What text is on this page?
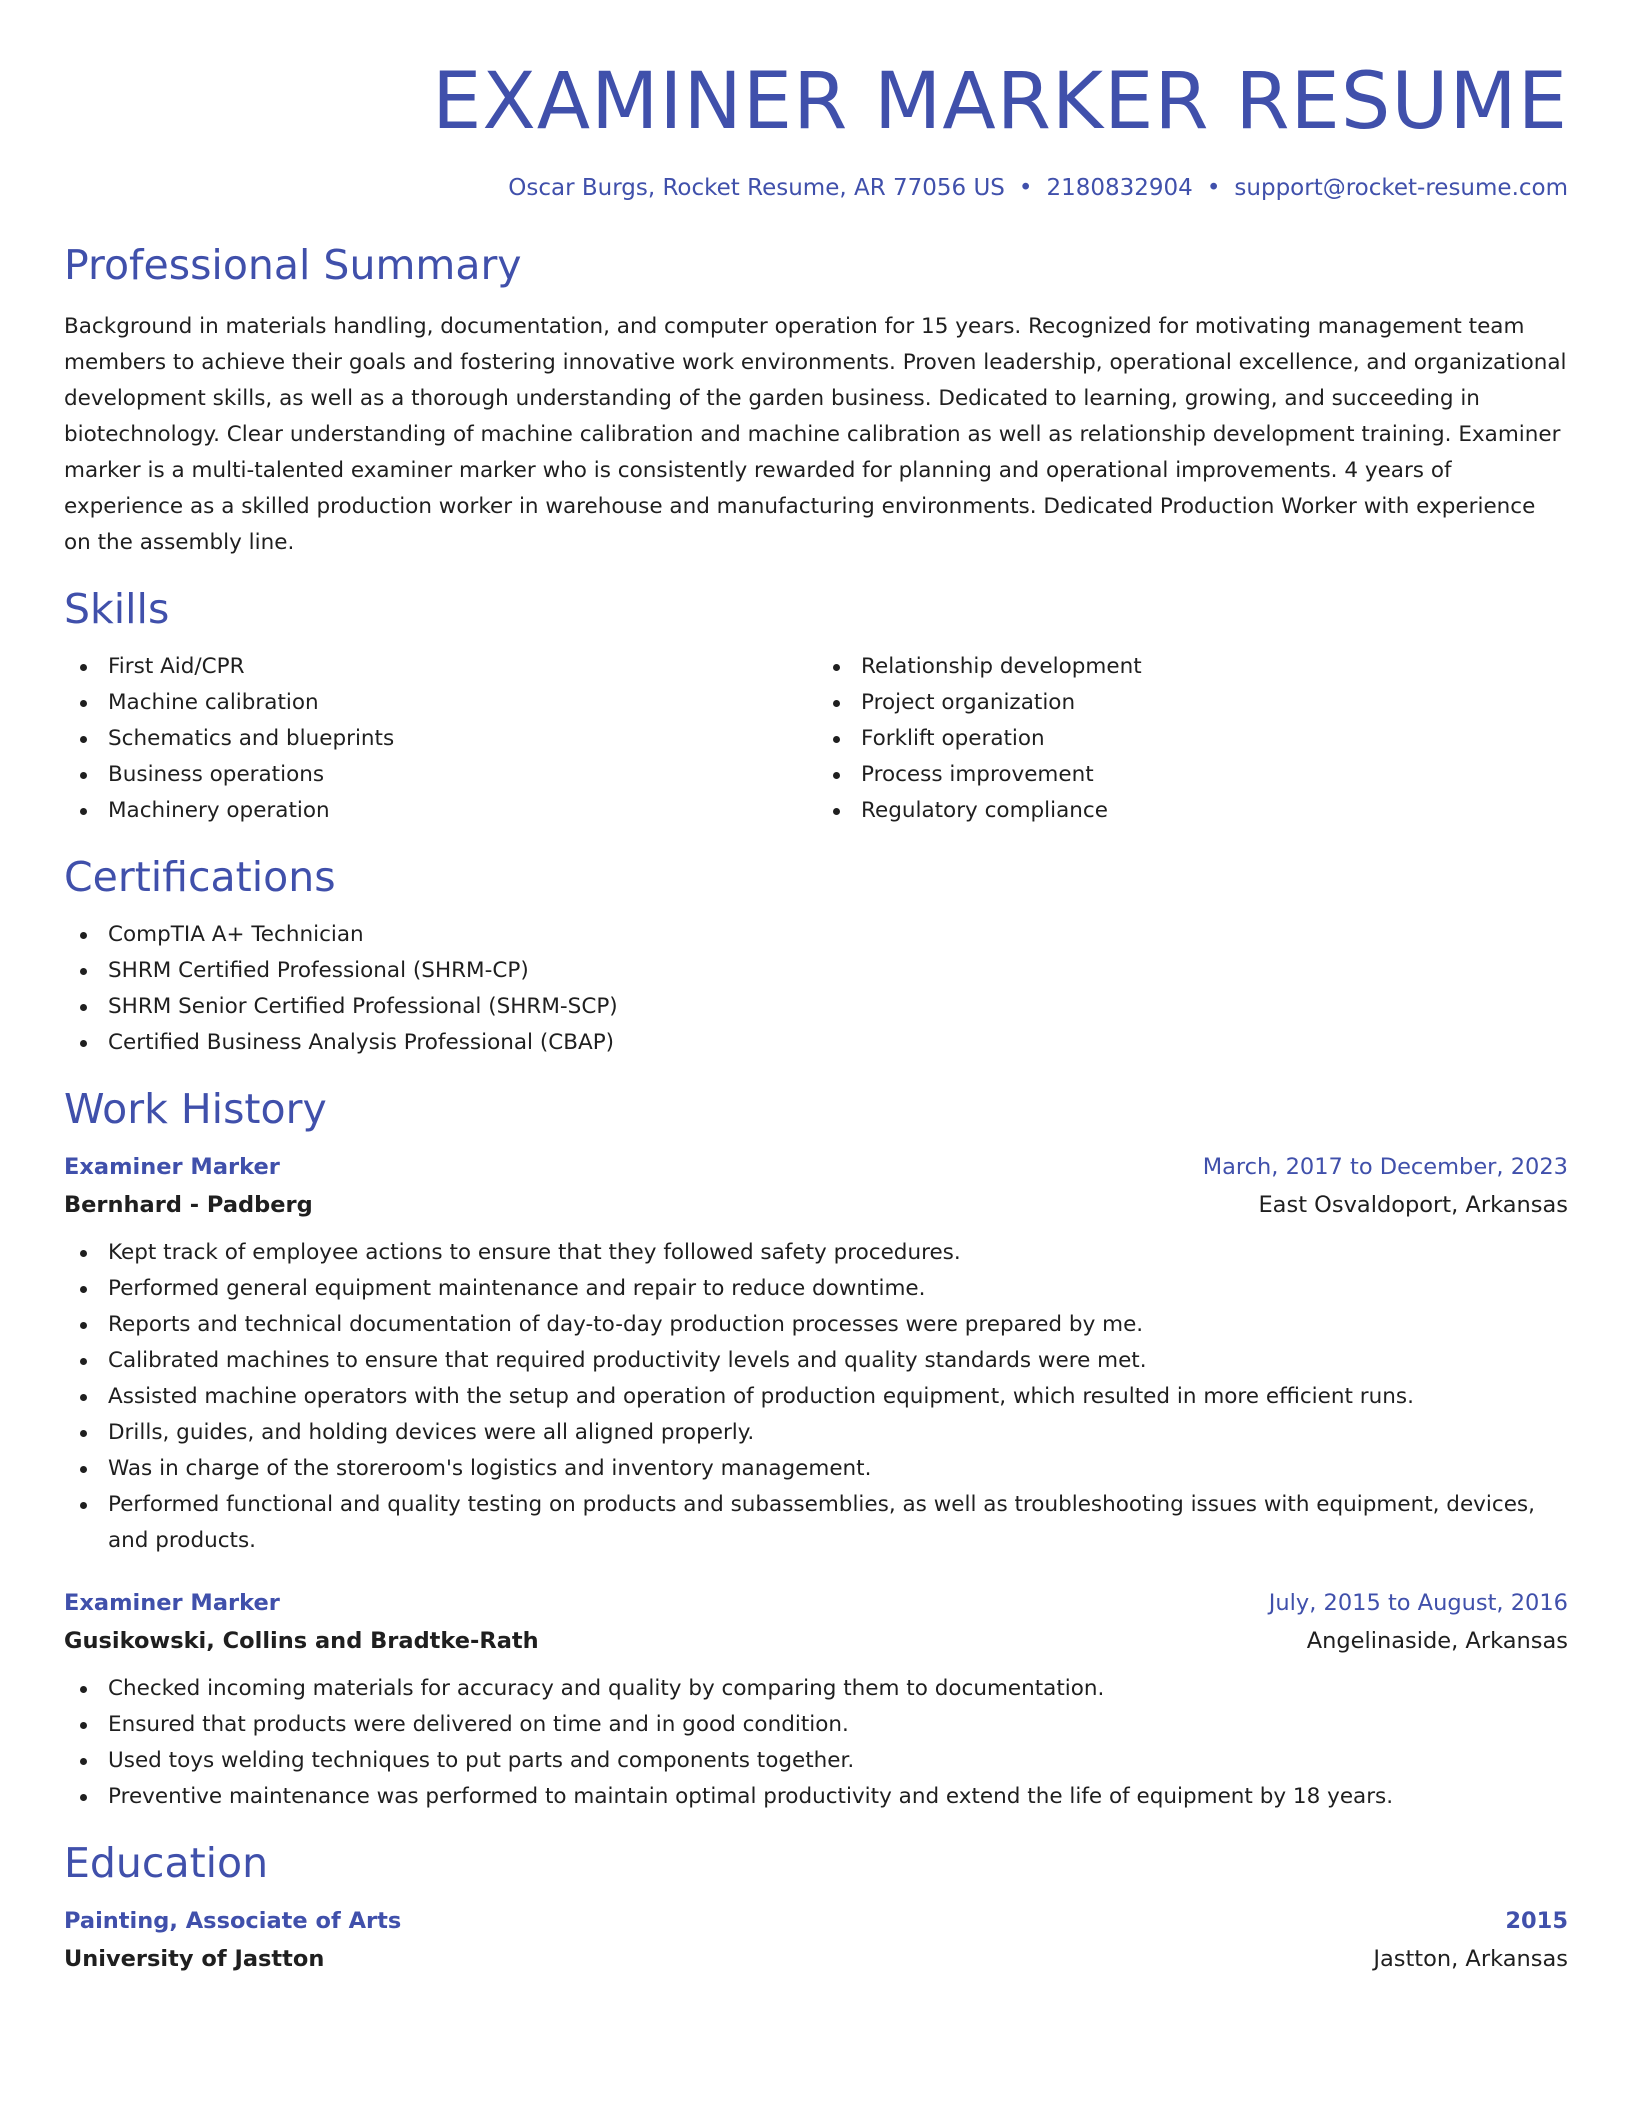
EXAMINER MARKER RESUME
Oscar Burgs, Rocket Resume, AR 77056 US • 2180832904 • support@rocket-resume.com
Professional Summary

Background in materials handling, documentation, and computer operation for 15 years. Recognized for motivating management team members to achieve their goals and fostering innovative work environments. Proven leadership, operational excellence, and organizational development skills, as well as a thorough understanding of the garden business. Dedicated to learning, growing, and succeeding in biotechnology. Clear understanding of machine calibration and machine calibration as well as relationship development training. Examiner marker is a multi-talented examiner marker who is consistently rewarded for planning and operational improvements. 4 years of experience as a skilled production worker in warehouse and manufacturing environments. Dedicated Production Worker with experience on the assembly line.

Skills
First Aid/CPR
Machine calibration
Schematics and blueprints
Business operations
Machinery operation
Relationship development
Project organization
Forklift operation
Process improvement
Regulatory compliance
Certifications
CompTIA A+ Technician
SHRM Certified Professional (SHRM-CP)
SHRM Senior Certified Professional (SHRM-SCP)
Certified Business Analysis Professional (CBAP)
Work History
Examiner Marker	March, 2017 to December, 2023
Bernhard - Padberg	East Osvaldoport, Arkansas
Kept track of employee actions to ensure that they followed safety procedures.
Performed general equipment maintenance and repair to reduce downtime.
Reports and technical documentation of day-to-day production processes were prepared by me.
Calibrated machines to ensure that required productivity levels and quality standards were met.
Assisted machine operators with the setup and operation of production equipment, which resulted in more efficient runs.
Drills, guides, and holding devices were all aligned properly.
Was in charge of the storeroom's logistics and inventory management.
Performed functional and quality testing on products and subassemblies, as well as troubleshooting issues with equipment, devices, and products.
Examiner Marker	July, 2015 to August, 2016
Gusikowski, Collins and Bradtke-Rath	Angelinaside, Arkansas
Checked incoming materials for accuracy and quality by comparing them to documentation.
Ensured that products were delivered on time and in good condition.
Used toys welding techniques to put parts and components together.
Preventive maintenance was performed to maintain optimal productivity and extend the life of equipment by 18 years.
Education
Painting, Associate of Arts	2015
University of Jastton	Jastton, Arkansas
